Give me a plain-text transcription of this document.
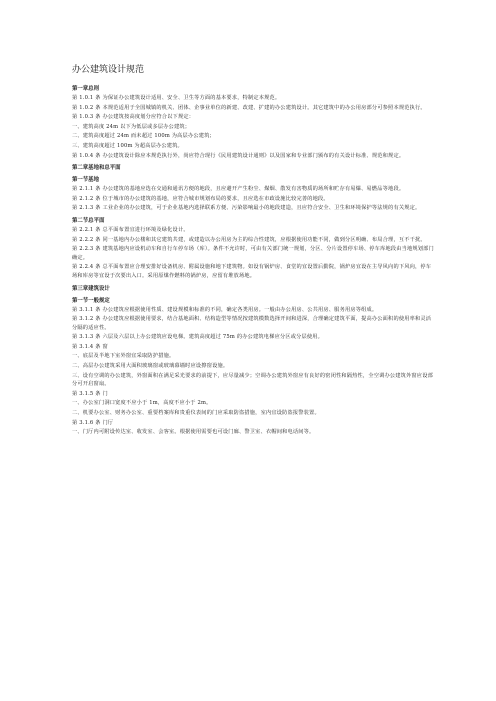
办公建筑设计规范
第一章总则
第 1.0.1 条 为保证办公建筑设计适用、安全、卫生等方面的基本要求，特制定本规范。
第 1.0.2 条 本规范适用于全国城镇的机关、团体、企事业单位的新建、改建、扩建的办公建筑设计。其它建筑中的办公用房部分可参照本规范执行。
第 1.0.3 条 办公建筑按高度划分应符合以下规定：
一、建筑高度 24m 以下为低层或多层办公建筑；
二、建筑高度超过 24m 而未超过 100m 为高层办公建筑；
三、建筑高度超过 100m 为超高层办公建筑。
第 1.0.4 条 办公建筑设计除应本规范执行外，尚应符合现行《民用建筑设计通则》以及国家和专业部门颁布的有关设计标准、规范和规定。
第二章基地和总平面
第一节基地
第 2.1.1 条 办公建筑的基地应选在交通和通讯方便的地段，且应避开产生粉尘、煤烟、散发有害物质的场所和贮存有易爆、易燃品等地段。
第 2.1.2 条 位于城市的办公建筑的基地，应符合城市规划布局的要求，且应选在市政设施比较完善的地段。
第 2.1.3 条 工业企业的办公建筑，可于企业基地内选择联系方便、污染影响最小的地段建造，且应符合安全、卫生和环境保护等法规的有关规定。
第二节总平面
第 2.2.1 条 总平面布置宜进行环境及绿化设计。
第 2.2.2 条 同一基地内办公楼和其它建筑共建，或建造以办公用房为主的综合性建筑，应根据使用功能不同，做到分区明确、布局合理，互不干扰。
第 2.2.3 条 建筑基地内应设机动车和自行车停车场（库）。条件不允许时，可由有关部门统一规划，分区、分片设置停车场、停车库地段由当地规划部门确定。
第 2.2.4 条 总平面布置应合理安排好设备机房、附属设施和地下建筑物。如设有锅炉房、食堂的宜设置后勤院，锅炉房宜设在主导风向的下风向，停车场和库房等宜设于次要出入口。采用原煤作燃料的锅炉房，应留有堆放场地。
第三章建筑设计
第一节一般规定
第 3.1.1 条 办公建筑应根据使用性质、建设规模和标准的不同，确定各类用房。一般由办公用房、公共用房、服务用房等组成。
第 3.1.2 条 办公建筑应根据使用要求，结合基地面积、结构造型等情况按建筑模数选择开间和进深，合理确定建筑平面，提高办公面积的使用率和灵活分隔的适应性。
第 3.1.3 条 六层及六层以上办公建筑应设电梯。建筑高度超过 75m 的办公建筑电梯应分区或分层使用。
第 3.1.4 条 窗
一、底层及半地下室外窗宜采取防护措施。
二、高层办公建筑采用大面积玻璃窗或玻璃幕墙时应设擦窗设施。
三、设有空调的办公建筑，外窗面积在满足采光要求的前提下，应尽量减少；空调办公建筑外窗应有良好的密闭性和隔热性，全空调办公建筑外窗应设部分可开启窗扇。
第 3.1.5 条 门
一、办公室门洞口宽度不应小于 1m，高度不应小于 2m。
二、机要办公室、财务办公室、重要档案库和贵重仪表间的门应采取防盗措施，室内宜设防盗报警装置。
第 3.1.6 条 门厅
一、门厅内可附设传达室、收发室、会客室。根据使用需要也可设门廊、警卫室、衣帽间和电话间等。
